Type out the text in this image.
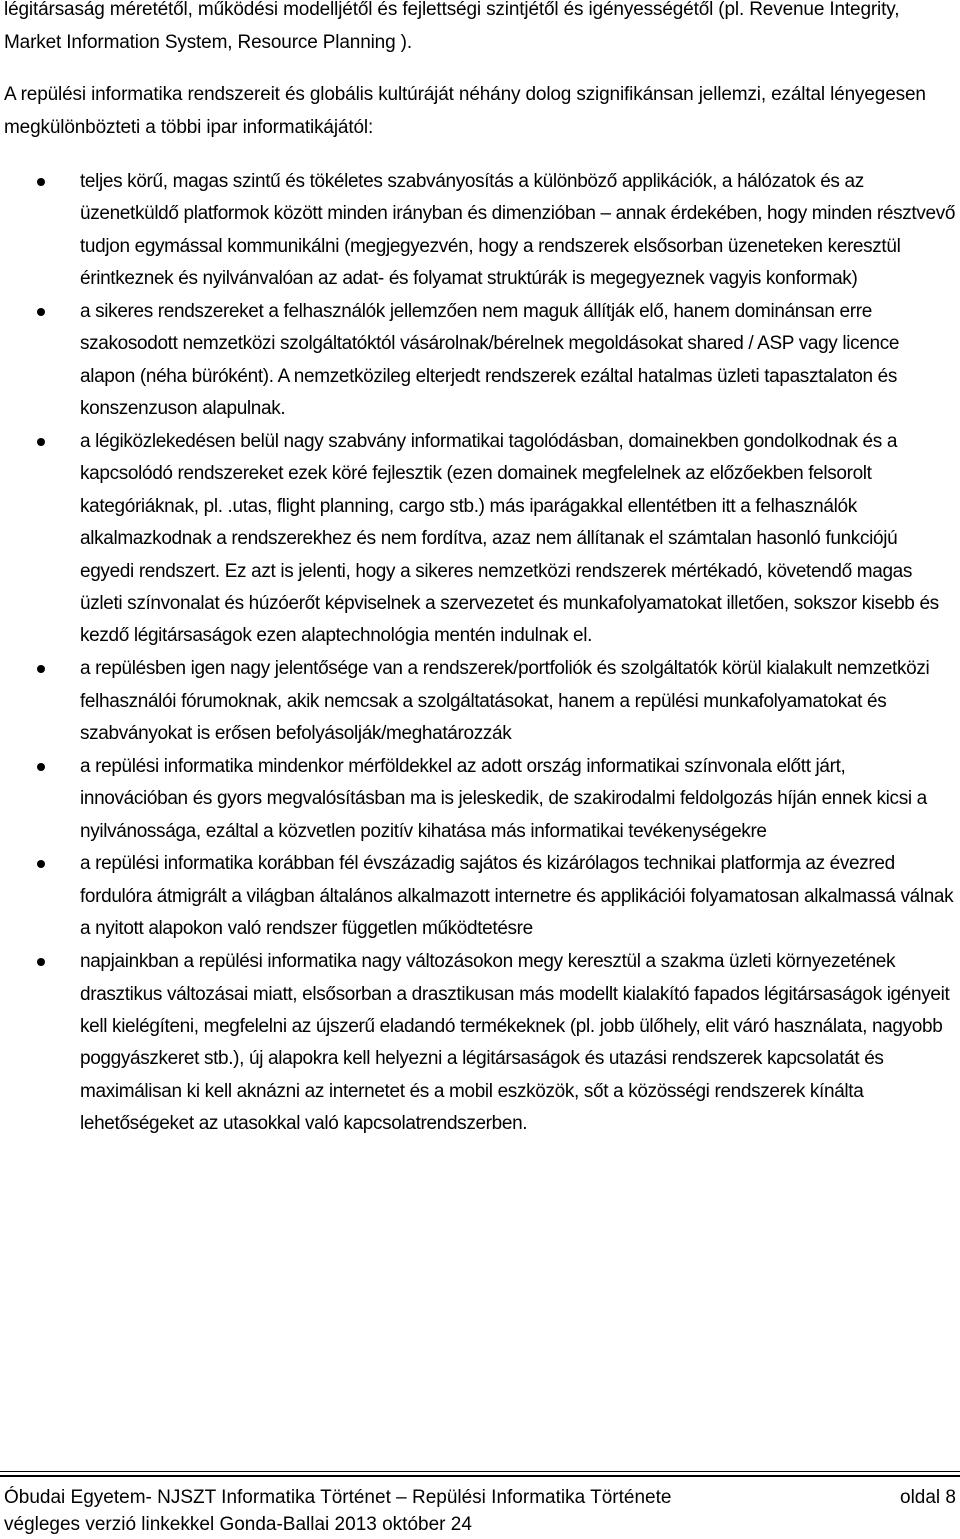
légitársaság méretétől, működési modelljétől és fejlettségi szintjétől és igényességétől (pl. Revenue Integrity, Market Information System, Resource Planning ).

A repülési informatika rendszereit és globális kultúráját néhány dolog szignifikánsan jellemzi, ezáltal lényegesen megkülönbözteti a többi ipar informatikájától:

teljes körű, magas szintű és tökéletes szabványosítás a különböző applikációk, a hálózatok és az üzenetküldő platformok között minden irányban és dimenzióban – annak érdekében, hogy minden résztvevő tudjon egymással kommunikálni (megjegyezvén, hogy a rendszerek elsősorban üzeneteken keresztül érintkeznek és nyilvánvalóan az adat- és folyamat struktúrák is megegyeznek vagyis konformak)
a sikeres rendszereket a felhasználók jellemzően nem maguk állítják elő, hanem dominánsan erre szakosodott nemzetközi szolgáltatóktól vásárolnak/bérelnek megoldásokat shared / ASP vagy licence alapon (néha büróként). A nemzetközileg elterjedt rendszerek ezáltal hatalmas üzleti tapasztalaton és konszenzuson alapulnak.
a légiközlekedésen belül nagy szabvány informatikai tagolódásban, domainekben gondolkodnak és a kapcsolódó rendszereket ezek köré fejlesztik (ezen domainek megfelelnek az előzőekben felsorolt kategóriáknak, pl. .utas, flight planning, cargo stb.) más iparágakkal ellentétben itt a felhasználók alkalmazkodnak a rendszerekhez és nem fordítva, azaz nem állítanak el számtalan hasonló funkciójú egyedi rendszert. Ez azt is jelenti, hogy a sikeres nemzetközi rendszerek mértékadó, követendő magas üzleti színvonalat és húzóerőt képviselnek a szervezetet és munkafolyamatokat illetően, sokszor kisebb és kezdő légitársaságok ezen alaptechnológia mentén indulnak el.
a repülésben igen nagy jelentősége van a rendszerek/portfoliók és szolgáltatók körül kialakult nemzetközi felhasználói fórumoknak, akik nemcsak a szolgáltatásokat, hanem a repülési munkafolyamatokat és szabványokat is erősen befolyásolják/meghatározzák
a repülési informatika mindenkor mérföldekkel az adott ország informatikai színvonala előtt járt, innovációban és gyors megvalósításban ma is jeleskedik, de szakirodalmi feldolgozás híján ennek kicsi a nyilvánossága, ezáltal a közvetlen pozitív kihatása más informatikai tevékenységekre
a repülési informatika korábban fél évszázadig sajátos és kizárólagos technikai platformja az évezred fordulóra átmigrált a világban általános alkalmazott internetre és applikációi folyamatosan alkalmassá válnak a nyitott alapokon való rendszer független működtetésre
napjainkban a repülési informatika nagy változásokon megy keresztül a szakma üzleti környezetének drasztikus változásai miatt, elsősorban a drasztikusan más modellt kialakító fapados légitársaságok igényeit kell kielégíteni, megfelelni az újszerű eladandó termékeknek (pl. jobb ülőhely, elit váró használata, nagyobb poggyászkeret stb.), új alapokra kell helyezni a légitársaságok és utazási rendszerek kapcsolatát és maximálisan ki kell aknázni az internetet és a mobil eszközök, sőt a közösségi rendszerek kínálta lehetőségeket az utasokkal való kapcsolatrendszerben.
Óbudai Egyetem- NJSZT Informatika Történet – Repülési Informatika Története	oldal 8
végleges verzió linkekkel Gonda-Ballai 2013 október 24
